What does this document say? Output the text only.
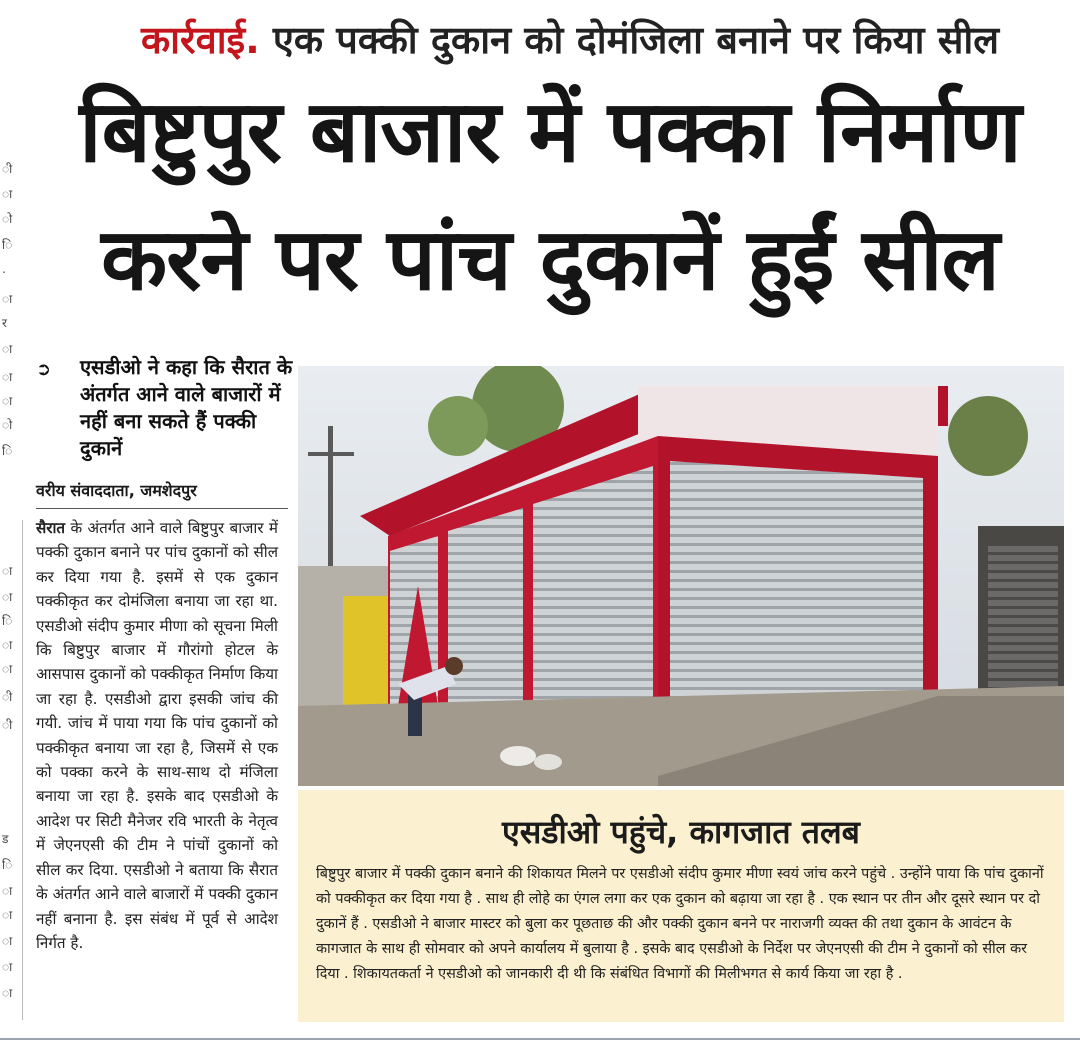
ी
ा
ो
ि
.
ा
र
ा
ा
ा
ो
ि
ा
ा
ि
ा
ा
ी
ी
ड
ि
ा
ा
ा
ा
ा
कार्रवाई. एक पक्की दुकान को दोमंजिला बनाने पर किया सील
बिष्टुपुर बाजार में पक्का निर्माण
करने पर पांच दुकानें हुईं सील
➲ एसडीओ ने कहा कि सैरात के अंतर्गत आने वाले बाजारों में नहीं बना सकते हैं पक्की दुकानें
वरीय संवाददाता, जमशेदपुर
सैरात के अंतर्गत आने वाले बिष्टुपुर बाजार में पक्की दुकान बनाने पर पांच दुकानों को सील कर दिया गया है. इसमें से एक दुकान पक्कीकृत कर दोमंजिला बनाया जा रहा था. एसडीओ संदीप कुमार मीणा को सूचना मिली कि बिष्टुपुर बाजार में गौरांगो होटल के आसपास दुकानों को पक्कीकृत निर्माण किया जा रहा है. एसडीओ द्वारा इसकी जांच की गयी. जांच में पाया गया कि पांच दुकानों को पक्कीकृत बनाया जा रहा है, जिसमें से एक को पक्का करने के साथ-साथ दो मंजिला बनाया जा रहा है. इसके बाद एसडीओ के आदेश पर सिटी मैनेजर रवि भारती के नेतृत्व में जेएनएसी की टीम ने पांचों दुकानों को सील कर दिया. एसडीओ ने बताया कि सैरात के अंतर्गत आने वाले बाजारों में पक्की दुकान नहीं बनाना है. इस संबंध में पूर्व से आदेश निर्गत है.
एसडीओ पहुंचे, कागजात तलब
बिष्टुपुर बाजार में पक्की दुकान बनाने की शिकायत मिलने पर एसडीओ संदीप कुमार मीणा स्वयं जांच करने पहुंचे . उन्होंने पाया कि पांच दुकानों को पक्कीकृत कर दिया गया है . साथ ही लोहे का एंगल लगा कर एक दुकान को बढ़ाया जा रहा है . एक स्थान पर तीन और दूसरे स्थान पर दो दुकानें हैं . एसडीओ ने बाजार मास्टर को बुला कर पूछताछ की और पक्की दुकान बनने पर नाराजगी व्यक्त की तथा दुकान के आवंटन के कागजात के साथ ही सोमवार को अपने कार्यालय में बुलाया है . इसके बाद एसडीओ के निर्देश पर जेएनएसी की टीम ने दुकानों को सील कर दिया . शिकायतकर्ता ने एसडीओ को जानकारी दी थी कि संबंधित विभागों की मिलीभगत से कार्य किया जा रहा है .
